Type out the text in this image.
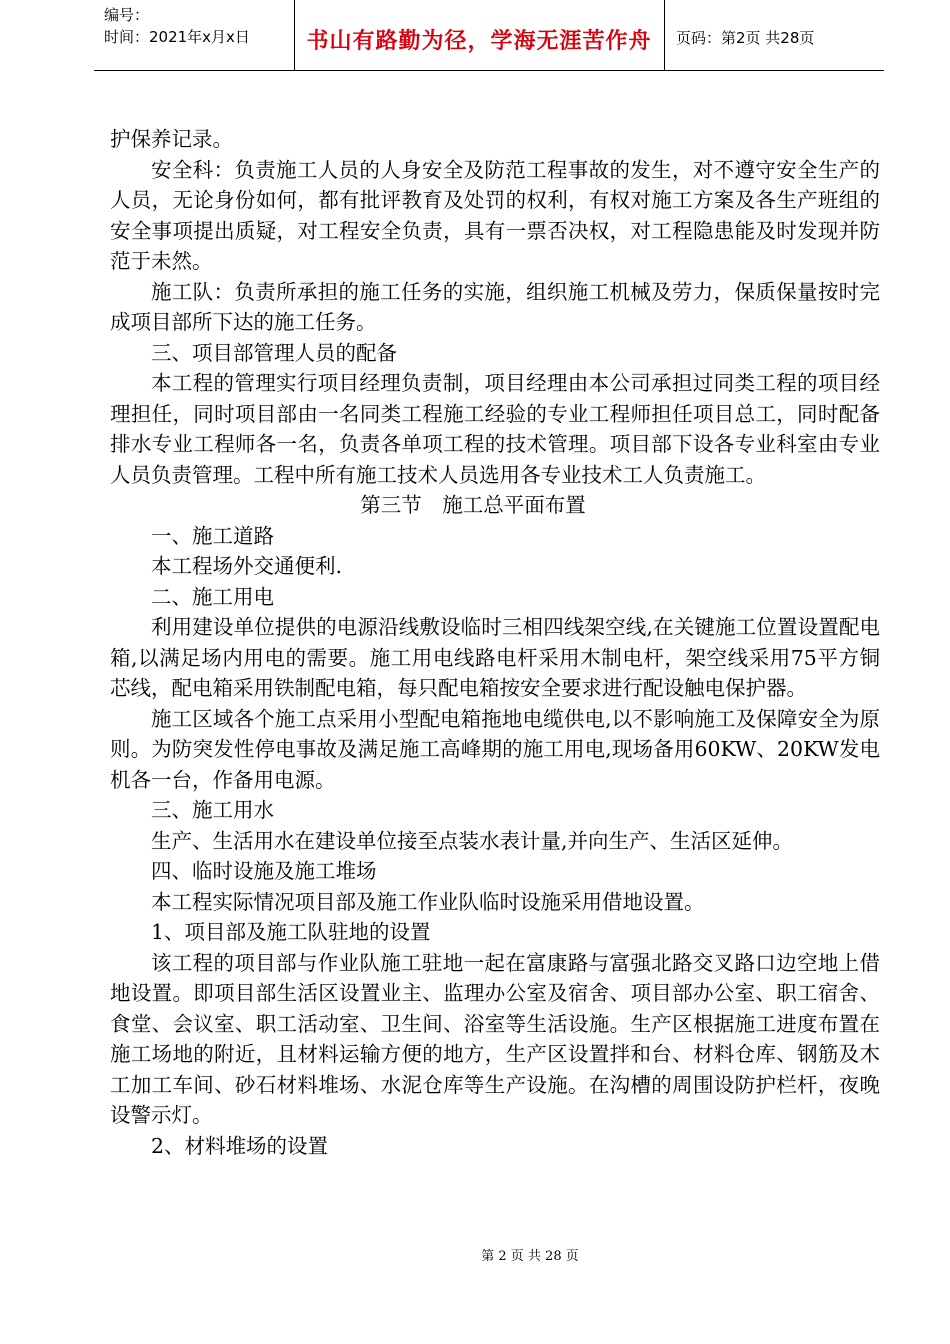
编号：
时间：2021年x月x日	书山有路勤为径，学海无涯苦作舟	页码：第2页 共28页

护保养记录。

安全科：负责施工人员的人身安全及防范工程事故的发生，对不遵守安全生产的人员，无论身份如何，都有批评教育及处罚的权利，有权对施工方案及各生产班组的安全事项提出质疑，对工程安全负责，具有一票否决权，对工程隐患能及时发现并防范于未然。

施工队：负责所承担的施工任务的实施，组织施工机械及劳力，保质保量按时完成项目部所下达的施工任务。

三、项目部管理人员的配备

本工程的管理实行项目经理负责制，项目经理由本公司承担过同类工程的项目经理担任，同时项目部由一名同类工程施工经验的专业工程师担任项目总工，同时配备排水专业工程师各一名，负责各单项工程的技术管理。项目部下设各专业科室由专业人员负责管理。工程中所有施工技术人员选用各专业技术工人负责施工。

第三节　施工总平面布置

一、施工道路

本工程场外交通便利.

二、施工用电

利用建设单位提供的电源沿线敷设临时三相四线架空线,在关键施工位置设置配电箱,以满足场内用电的需要。施工用电线路电杆采用木制电杆，架空线采用75平方铜芯线，配电箱采用铁制配电箱，每只配电箱按安全要求进行配设触电保护器。

施工区域各个施工点采用小型配电箱拖地电缆供电,以不影响施工及保障安全为原则。为防突发性停电事故及满足施工高峰期的施工用电,现场备用60KW、20KW发电机各一台，作备用电源。

三、施工用水

生产、生活用水在建设单位接至点装水表计量,并向生产、生活区延伸。

四、临时设施及施工堆场

本工程实际情况项目部及施工作业队临时设施采用借地设置。

1、项目部及施工队驻地的设置

该工程的项目部与作业队施工驻地一起在富康路与富强北路交叉路口边空地上借地设置。即项目部生活区设置业主、监理办公室及宿舍、项目部办公室、职工宿舍、食堂、会议室、职工活动室、卫生间、浴室等生活设施。生产区根据施工进度布置在施工场地的附近，且材料运输方便的地方，生产区设置拌和台、材料仓库、钢筋及木工加工车间、砂石材料堆场、水泥仓库等生产设施。在沟槽的周围设防护栏杆，夜晚设警示灯。

2、材料堆场的设置

第 2 页 共 28 页
